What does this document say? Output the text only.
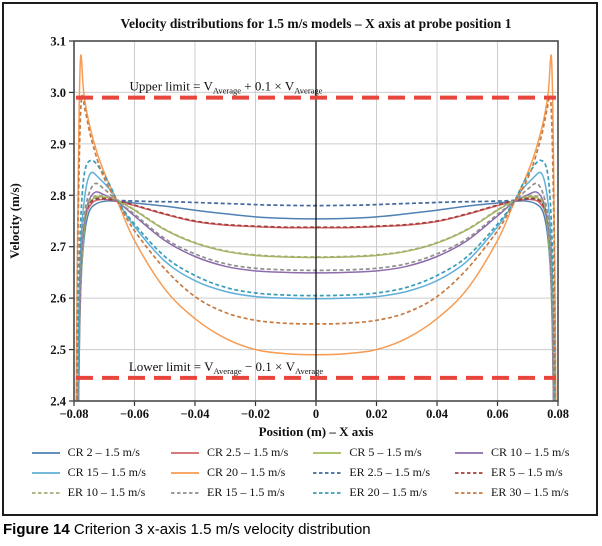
Velocity distributions for 1.5 m/s models – X axis at probe position 1
−0.08	−0.06	−0.04	−0.02	0	0.02	0.04	0.06	0.08
2.4
2.5
2.6
2.7
2.8
2.9
3.0
3.1
Upper limit = $V_{Average} + 0.1 \times V_{Average}$
Lower limit = $V_{Average} - 0.1 \times V_{Average}$
Position (m) – X axis
Velocity (m/s)
CR 2 – 1.5 m/s	CR 2.5 – 1.5 m/s	CR 5 – 1.5 m/s	CR 10 – 1.5 m/s
CR 15 – 1.5 m/s	CR 20 – 1.5 m/s	ER 2.5 – 1.5 m/s	ER 5 – 1.5 m/s
ER 10 – 1.5 m/s	ER 15 – 1.5 m/s	ER 20 – 1.5 m/s	ER 30 – 1.5 m/s
Figure 14 Criterion 3 x-axis 1.5 m/s velocity distribution
